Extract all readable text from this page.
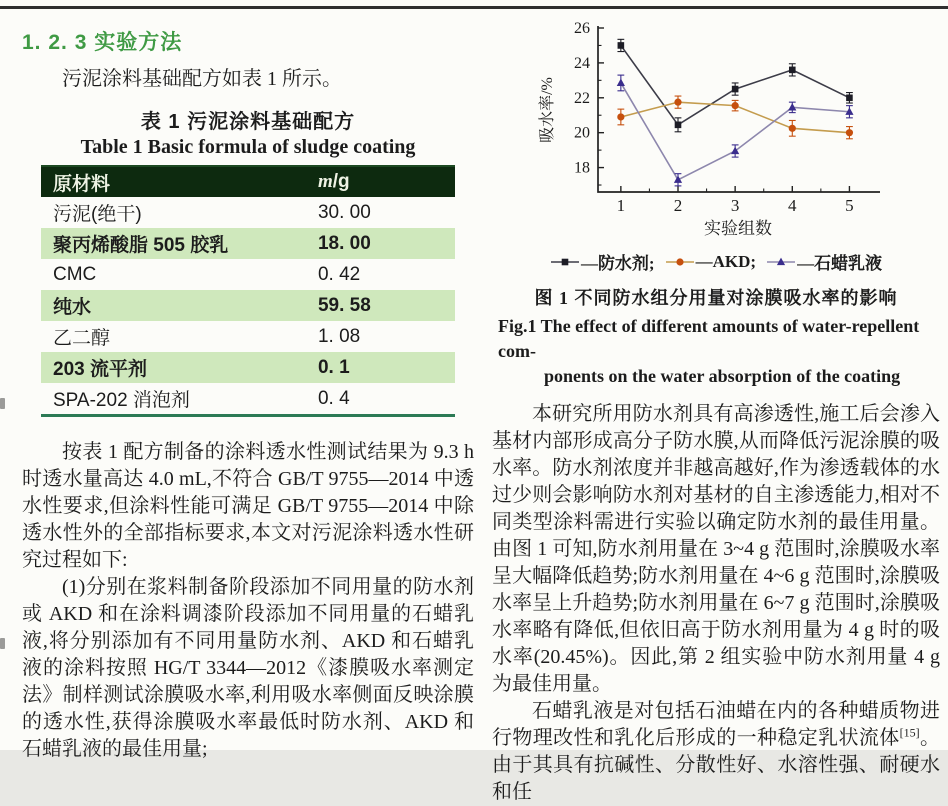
1. 2. 3 实验方法

污泥涂料基础配方如表 1 所示。

表 1 污泥涂料基础配方
Table 1 Basic formula of sludge coating
原材料	m/g
污泥(绝干)	30. 00
聚丙烯酸脂 505 胶乳	18. 00
CMC	0. 42
纯水	59. 58
乙二醇	1. 08
203 流平剂	0. 1
SPA-202 消泡剂	0. 4

按表 1 配方制备的涂料透水性测试结果为 9.3 h 时透水量高达 4.0 mL,不符合 GB/T 9755—2014 中透水性要求,但涂料性能可满足 GB/T 9755—2014 中除透水性外的全部指标要求,本文对污泥涂料透水性研究过程如下:

(1)分别在浆料制备阶段添加不同用量的防水剂或 AKD 和在涂料调漆阶段添加不同用量的石蜡乳液,将分别添加有不同用量防水剂、AKD 和石蜡乳液的涂料按照 HG/T 3344—2012《漆膜吸水率测定法》制样测试涂膜吸水率,利用吸水率侧面反映涂膜的透水性,获得涂膜吸水率最低时防水剂、AKD 和石蜡乳液的最佳用量;

18
20
22
24
26
1	2	3	4	5
吸水率/%
实验组数
—防水剂; —AKD; —石蜡乳液
图 1 不同防水组分用量对涂膜吸水率的影响
Fig.1 The effect of different amounts of water-repellent com-
ponents on the water absorption of the coating

本研究所用防水剂具有高渗透性,施工后会渗入基材内部形成高分子防水膜,从而降低污泥涂膜的吸水率。防水剂浓度并非越高越好,作为渗透载体的水过少则会影响防水剂对基材的自主渗透能力,相对不同类型涂料需进行实验以确定防水剂的最佳用量。由图 1 可知,防水剂用量在 3~4 g 范围时,涂膜吸水率呈大幅降低趋势;防水剂用量在 4~6 g 范围时,涂膜吸水率呈上升趋势;防水剂用量在 6~7 g 范围时,涂膜吸水率略有降低,但依旧高于防水剂用量为 4 g 时的吸水率(20.45%)。因此,第 2 组实验中防水剂用量 4 g 为最佳用量。

石蜡乳液是对包括石油蜡在内的各种蜡质物进行物理改性和乳化后形成的一种稳定乳状流体[15]。由于其具有抗碱性、分散性好、水溶性强、耐硬水和任
